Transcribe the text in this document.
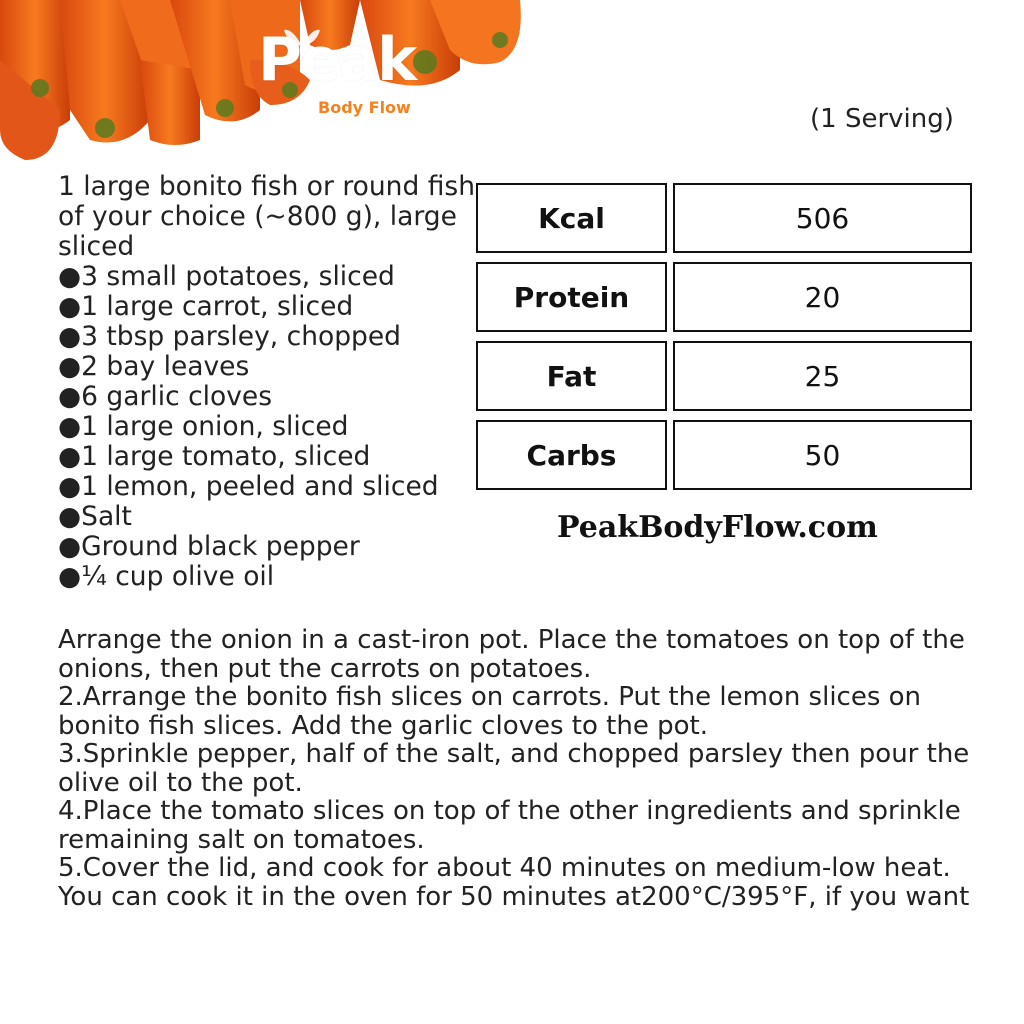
Peak
Body Flow	(1 Serving)
1 large bonito fish or round fish of your choice (~800 g), large sliced
●3 small potatoes, sliced
●1 large carrot, sliced
●3 tbsp parsley, chopped
●2 bay leaves
●6 garlic cloves
●1 large onion, sliced
●1 large tomato, sliced
●1 lemon, peeled and sliced
●Salt
●Ground black pepper
●¼ cup olive oil
Kcal	506
Protein	20
Fat	25
Carbs	50
PeakBodyFlow.com

Arrange the onion in a cast-iron pot. Place the tomatoes on top of the onions, then put the carrots on potatoes.

2.Arrange the bonito fish slices on carrots. Put the lemon slices on bonito fish slices. Add the garlic cloves to the pot.

3.Sprinkle pepper, half of the salt, and chopped parsley then pour the olive oil to the pot.

4.Place the tomato slices on top of the other ingredients and sprinkle remaining salt on tomatoes.

5.Cover the lid, and cook for about 40 minutes on medium-low heat. You can cook it in the oven for 50 minutes at200°C/395°F, if you want
